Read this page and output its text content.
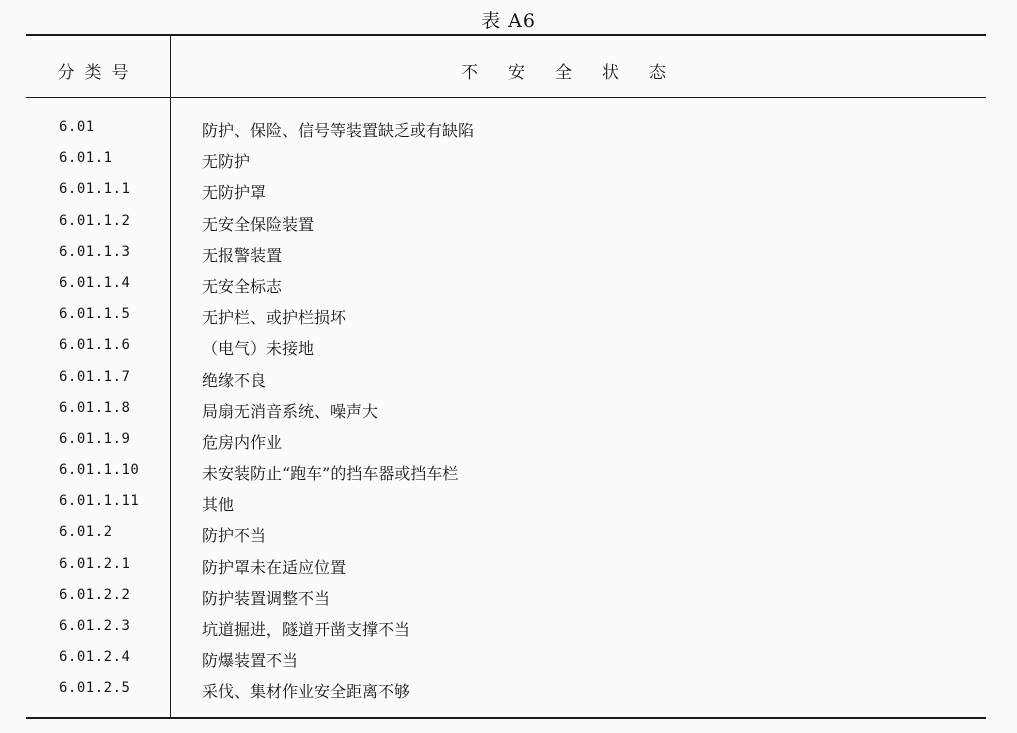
表 A6
分类号	不安全状态
6.01	防护、保险、信号等装置缺乏或有缺陷
6.01.1	无防护
6.01.1.1	无防护罩
6.01.1.2	无安全保险装置
6.01.1.3	无报警装置
6.01.1.4	无安全标志
6.01.1.5	无护栏、或护栏损坏
6.01.1.6	（电气）未接地
6.01.1.7	绝缘不良
6.01.1.8	局扇无消音系统、噪声大
6.01.1.9	危房内作业
6.01.1.10	未安装防止“跑车”的挡车器或挡车栏
6.01.1.11	其他
6.01.2	防护不当
6.01.2.1	防护罩未在适应位置
6.01.2.2	防护装置调整不当
6.01.2.3	坑道掘进，隧道开凿支撑不当
6.01.2.4	防爆装置不当
6.01.2.5	采伐、集材作业安全距离不够
